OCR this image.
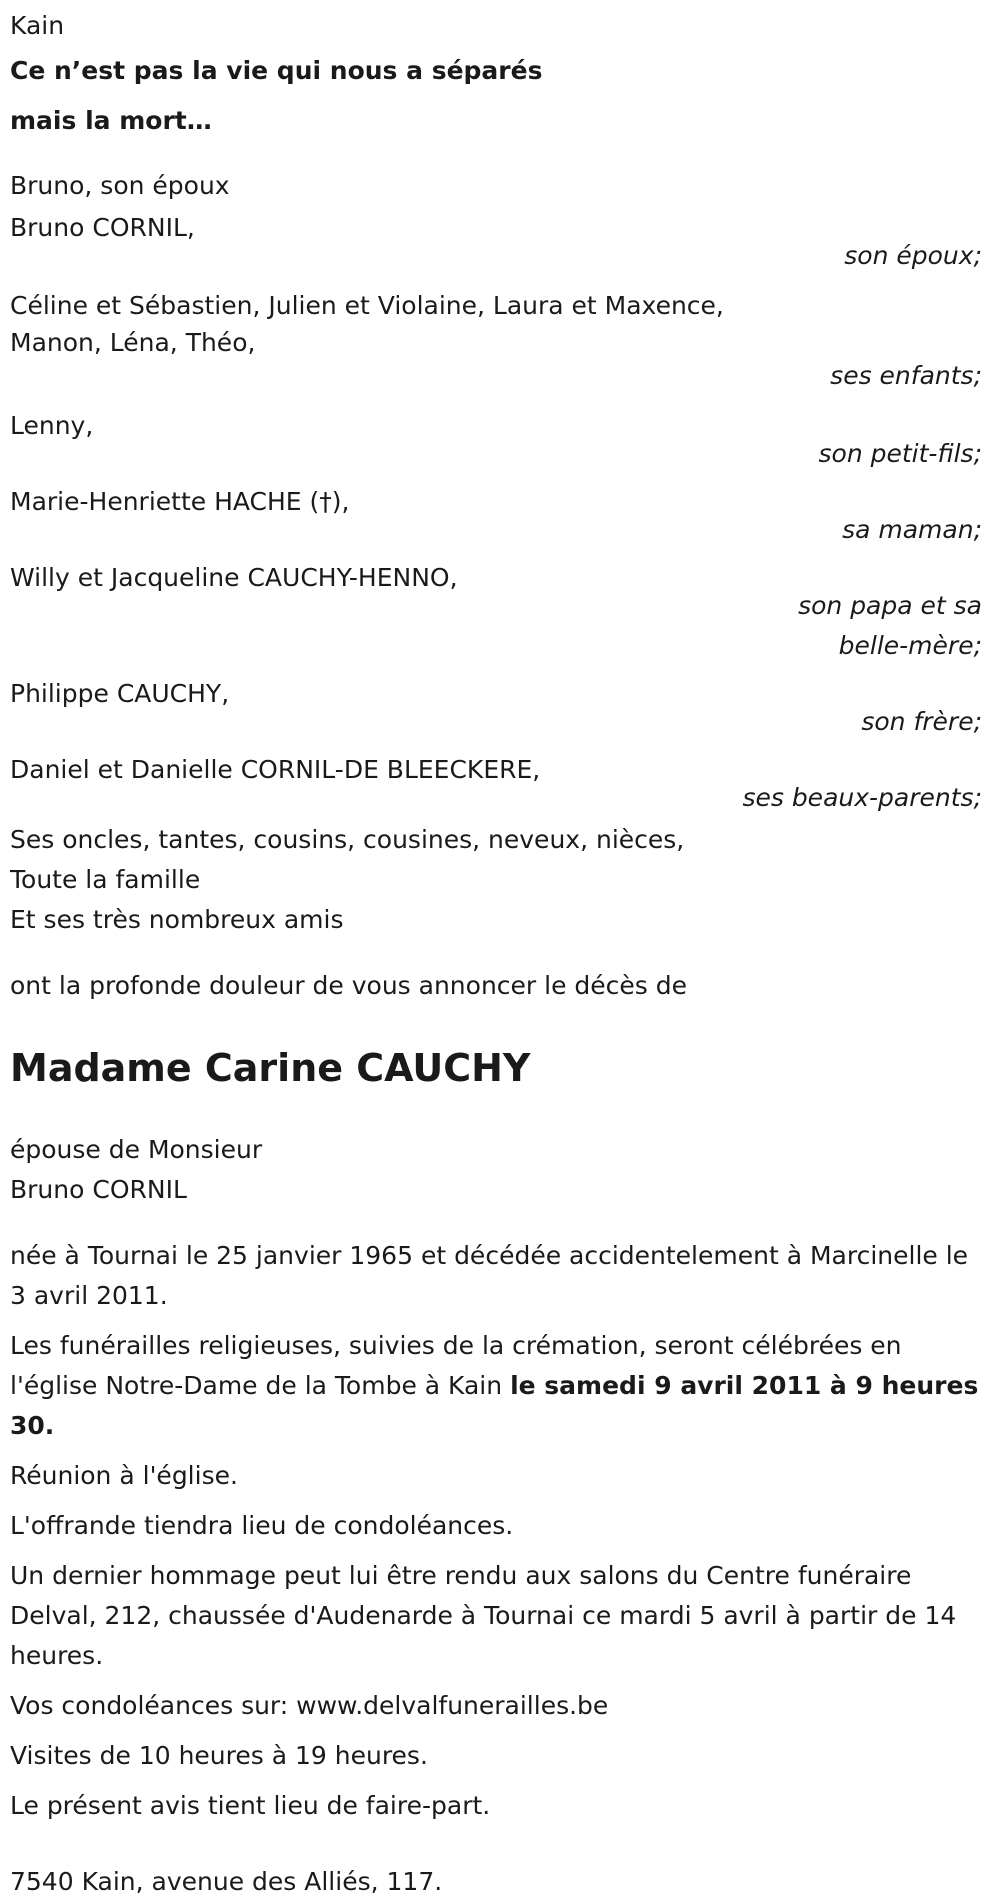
Kain

Ce n’est pas la vie qui nous a séparés

mais la mort…

Bruno, son époux

Bruno CORNIL,

son époux;

Céline et Sébastien, Julien et Violaine, Laura et Maxence,

Manon, Léna, Théo,

ses enfants;

Lenny,

son petit-fils;

Marie-Henriette HACHE (†),

sa maman;

Willy et Jacqueline CAUCHY-HENNO,

son papa et sa

belle-mère;

Philippe CAUCHY,

son frère;

Daniel et Danielle CORNIL-DE BLEECKERE,

ses beaux-parents;

Ses oncles, tantes, cousins, cousines, neveux, nièces,

Toute la famille

Et ses très nombreux amis

ont la profonde douleur de vous annoncer le décès de

Madame Carine CAUCHY

épouse de Monsieur

Bruno CORNIL

née à Tournai le 25 janvier 1965 et décédée accidentelement à Marcinelle le 3 avril 2011.

Les funérailles religieuses, suivies de la crémation, seront célébrées en l'église Notre-Dame de la Tombe à Kain le samedi 9 avril 2011 à 9 heures 30.

Réunion à l'église.

L'offrande tiendra lieu de condoléances.

Un dernier hommage peut lui être rendu aux salons du Centre funéraire Delval, 212, chaussée d'Audenarde à Tournai ce mardi 5 avril à partir de 14 heures.

Vos condoléances sur: www.delvalfunerailles.be

Visites de 10 heures à 19 heures.

Le présent avis tient lieu de faire-part.

7540 Kain, avenue des Alliés, 117.
